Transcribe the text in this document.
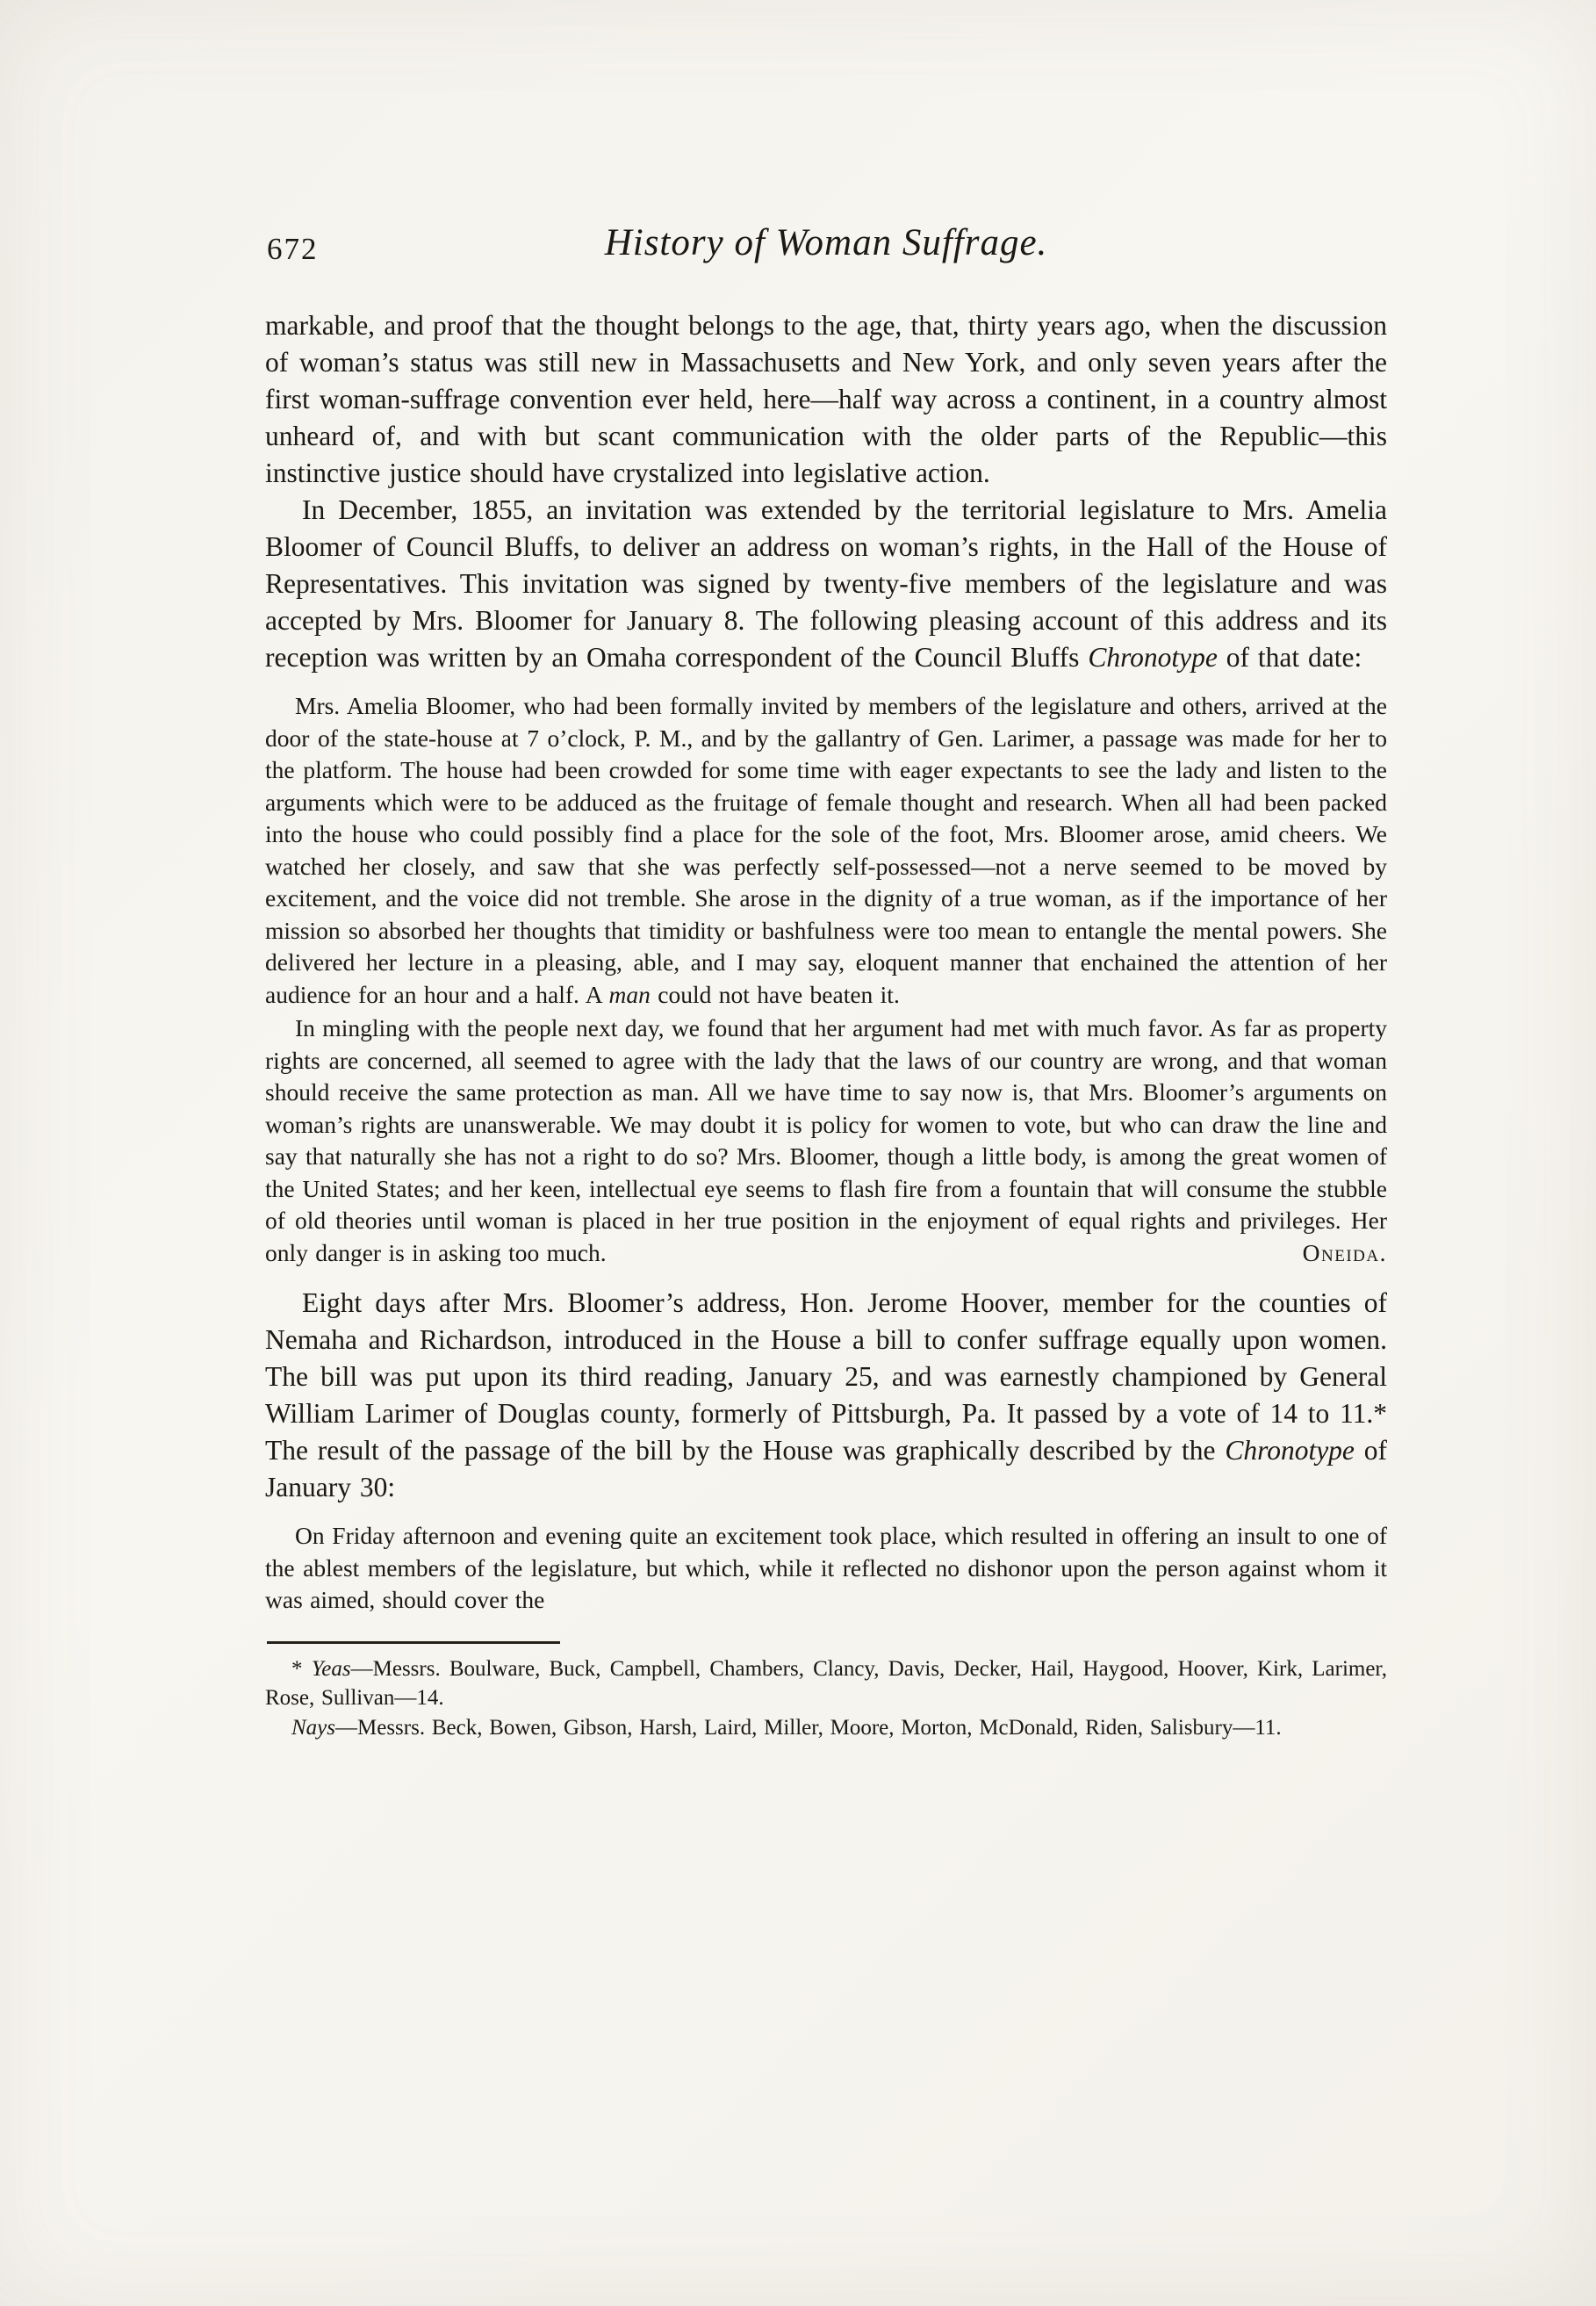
672	History of Woman Suffrage.

markable, and proof that the thought belongs to the age, that, thirty years ago, when the discussion of woman’s status was still new in Massachusetts and New York, and only seven years after the first woman-suffrage convention ever held, here—half way across a continent, in a country almost unheard of, and with but scant communication with the older parts of the Republic—this instinctive justice should have crystalized into legislative action.

In December, 1855, an invitation was extended by the territorial legislature to Mrs. Amelia Bloomer of Council Bluffs, to deliver an address on woman’s rights, in the Hall of the House of Representatives. This invitation was signed by twenty-five members of the legislature and was accepted by Mrs. Bloomer for January 8. The following pleasing account of this address and its reception was written by an Omaha correspondent of the Council Bluffs Chronotype of that date:

Mrs. Amelia Bloomer, who had been formally invited by members of the legislature and others, arrived at the door of the state-house at 7 o’clock, P. M., and by the gallantry of Gen. Larimer, a passage was made for her to the platform. The house had been crowded for some time with eager expectants to see the lady and listen to the arguments which were to be adduced as the fruitage of female thought and research. When all had been packed into the house who could possibly find a place for the sole of the foot, Mrs. Bloomer arose, amid cheers. We watched her closely, and saw that she was perfectly self-possessed—not a nerve seemed to be moved by excitement, and the voice did not tremble. She arose in the dignity of a true woman, as if the importance of her mission so absorbed her thoughts that timidity or bashfulness were too mean to entangle the mental powers. She delivered her lecture in a pleasing, able, and I may say, eloquent manner that enchained the attention of her audience for an hour and a half. A man could not have beaten it.

In mingling with the people next day, we found that her argument had met with much favor. As far as property rights are concerned, all seemed to agree with the lady that the laws of our country are wrong, and that woman should receive the same protection as man. All we have time to say now is, that Mrs. Bloomer’s arguments on woman’s rights are unanswerable. We may doubt it is policy for women to vote, but who can draw the line and say that naturally she has not a right to do so? Mrs. Bloomer, though a little body, is among the great women of the United States; and her keen, intellectual eye seems to flash fire from a fountain that will consume the stubble of old theories until woman is placed in her true position in the enjoyment of equal rights and privileges. Her only danger is in asking too much.	Oneida.

Eight days after Mrs. Bloomer’s address, Hon. Jerome Hoover, member for the counties of Nemaha and Richardson, introduced in the House a bill to confer suffrage equally upon women. The bill was put upon its third reading, January 25, and was earnestly championed by General William Larimer of Douglas county, formerly of Pittsburgh, Pa. It passed by a vote of 14 to 11.* The result of the passage of the bill by the House was graphically described by the Chronotype of January 30:

On Friday afternoon and evening quite an excitement took place, which resulted in offering an insult to one of the ablest members of the legislature, but which, while it reflected no dishonor upon the person against whom it was aimed, should cover the

* Yeas—Messrs. Boulware, Buck, Campbell, Chambers, Clancy, Davis, Decker, Hail, Haygood, Hoover, Kirk, Larimer, Rose, Sullivan—14.

Nays—Messrs. Beck, Bowen, Gibson, Harsh, Laird, Miller, Moore, Morton, McDonald, Riden, Salisbury—11.
